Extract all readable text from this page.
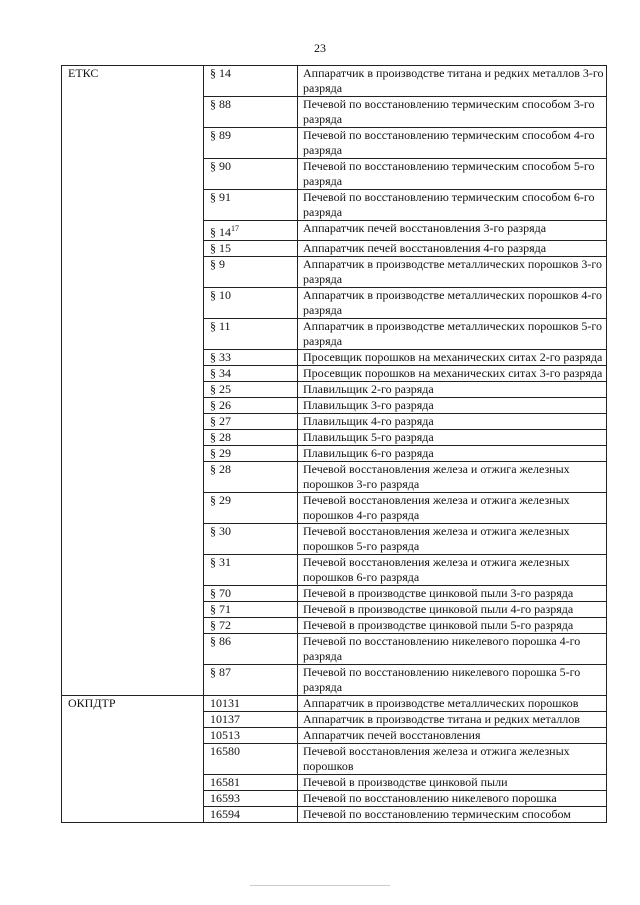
23
ЕТКС	§ 14	Аппаратчик в производстве титана и редких металлов 3-го разряда
	§ 88	Печевой по восстановлению термическим способом 3-го разряда
	§ 89	Печевой по восстановлению термическим способом 4-го разряда
	§ 90	Печевой по восстановлению термическим способом 5-го разряда
	§ 91	Печевой по восстановлению термическим способом 6-го разряда
	§ $14^{17}$	Аппаратчик печей восстановления 3-го разряда
	§ 15	Аппаратчик печей восстановления 4-го разряда
	§ 9	Аппаратчик в производстве металлических порошков 3-го разряда
	§ 10	Аппаратчик в производстве металлических порошков 4-го разряда
	§ 11	Аппаратчик в производстве металлических порошков 5-го разряда
	§ 33	Просевщик порошков на механических ситах 2-го разряда
	§ 34	Просевщик порошков на механических ситах 3-го разряда
	§ 25	Плавильщик 2-го разряда
	§ 26	Плавильщик 3-го разряда
	§ 27	Плавильщик 4-го разряда
	§ 28	Плавильщик 5-го разряда
	§ 29	Плавильщик 6-го разряда
	§ 28	Печевой восстановления железа и отжига железных порошков 3-го разряда
	§ 29	Печевой восстановления железа и отжига железных порошков 4-го разряда
	§ 30	Печевой восстановления железа и отжига железных порошков 5-го разряда
	§ 31	Печевой восстановления железа и отжига железных порошков 6-го разряда
	§ 70	Печевой в производстве цинковой пыли 3-го разряда
	§ 71	Печевой в производстве цинковой пыли 4-го разряда
	§ 72	Печевой в производстве цинковой пыли 5-го разряда
	§ 86	Печевой по восстановлению никелевого порошка 4-го разряда
	§ 87	Печевой по восстановлению никелевого порошка 5-го разряда
ОКПДТР	10131	Аппаратчик в производстве металлических порошков
	10137	Аппаратчик в производстве титана и редких металлов
	10513	Аппаратчик печей восстановления
	16580	Печевой восстановления железа и отжига железных порошков
	16581	Печевой в производстве цинковой пыли
	16593	Печевой по восстановлению никелевого порошка
	16594	Печевой по восстановлению термическим способом
